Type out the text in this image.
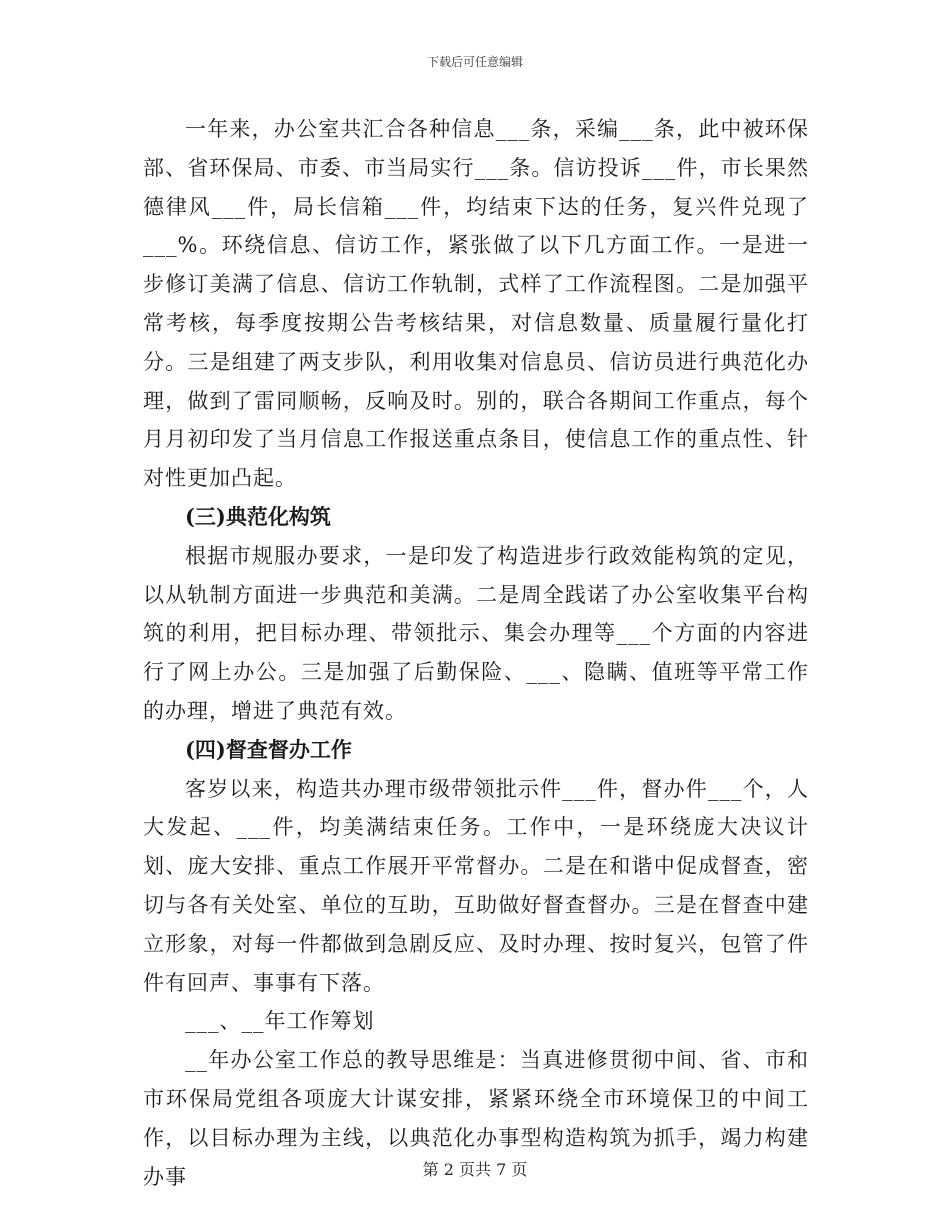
下载后可任意编辑

一年来，办公室共汇合各种信息___条，采编___条，此中被环保部、省环保局、市委、市当局实行___条。信访投诉___件，市长果然德律风___件，局长信箱___件，均结束下达的任务，复兴件兑现了___%。环绕信息、信访工作，紧张做了以下几方面工作。一是进一步修订美满了信息、信访工作轨制，式样了工作流程图。二是加强平常考核，每季度按期公告考核结果，对信息数量、质量履行量化打分。三是组建了两支步队，利用收集对信息员、信访员进行典范化办理，做到了雷同顺畅，反响及时。别的，联合各期间工作重点，每个月月初印发了当月信息工作报送重点条目，使信息工作的重点性、针对性更加凸起。

(三)典范化构筑

根据市规服办要求，一是印发了构造进步行政效能构筑的定见，以从轨制方面进一步典范和美满。二是周全践诺了办公室收集平台构筑的利用，把目标办理、带领批示、集会办理等___个方面的内容进行了网上办公。三是加强了后勤保险、___、隐瞒、值班等平常工作的办理，增进了典范有效。

(四)督查督办工作

客岁以来，构造共办理市级带领批示件___件，督办件___个，人大发起、___件，均美满结束任务。工作中，一是环绕庞大决议计划、庞大安排、重点工作展开平常督办。二是在和谐中促成督查，密切与各有关处室、单位的互助，互助做好督查督办。三是在督查中建立形象，对每一件都做到急剧反应、及时办理、按时复兴，包管了件件有回声、事事有下落。

___、__年工作筹划

__年办公室工作总的教导思维是：当真进修贯彻中间、省、市和市环保局党组各项庞大计谋安排，紧紧环绕全市环境保卫的中间工作，以目标办理为主线，以典范化办事型构造构筑为抓手，竭力构建办事	第 2 页共 7 页
